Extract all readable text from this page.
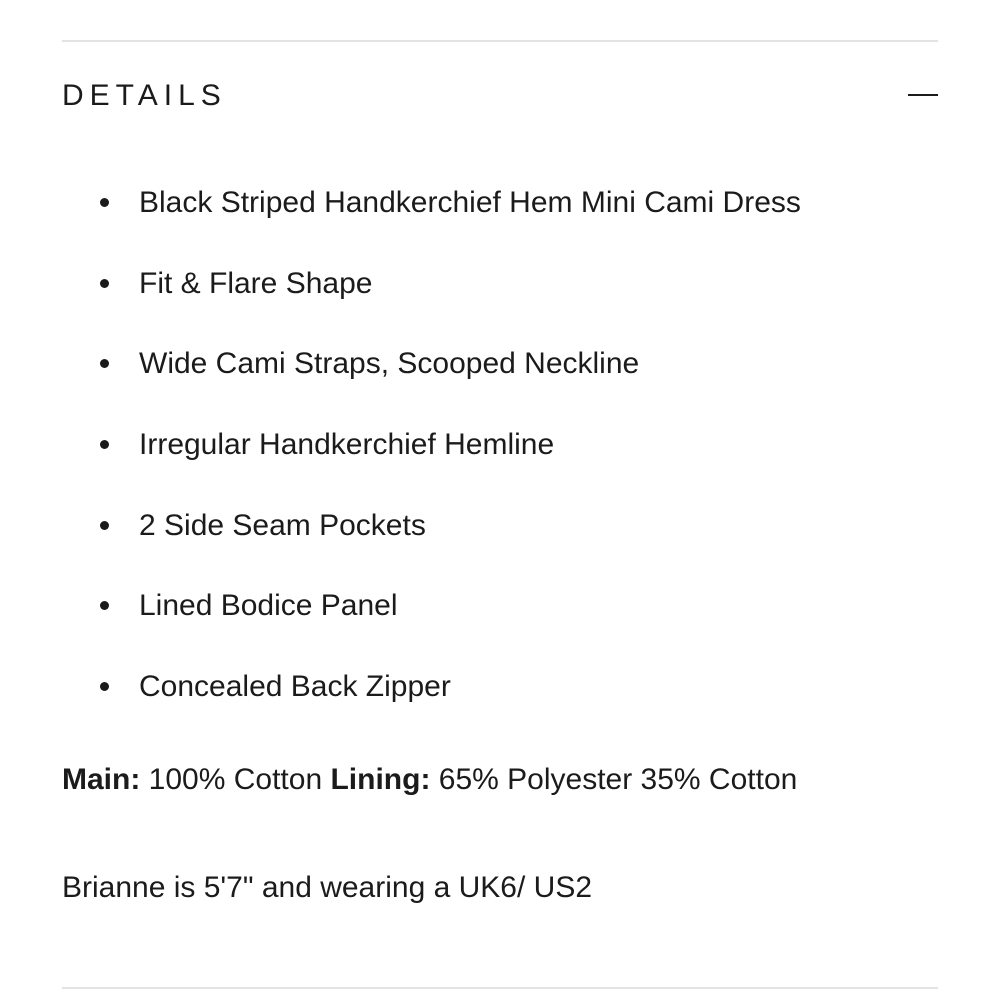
DETAILS
Black Striped Handkerchief Hem Mini Cami Dress
Fit & Flare Shape
Wide Cami Straps, Scooped Neckline
Irregular Handkerchief Hemline
2 Side Seam Pockets
Lined Bodice Panel
Concealed Back Zipper
Main: 100% Cotton Lining: 65% Polyester 35% Cotton
Brianne is 5'7" and wearing a UK6/ US2
